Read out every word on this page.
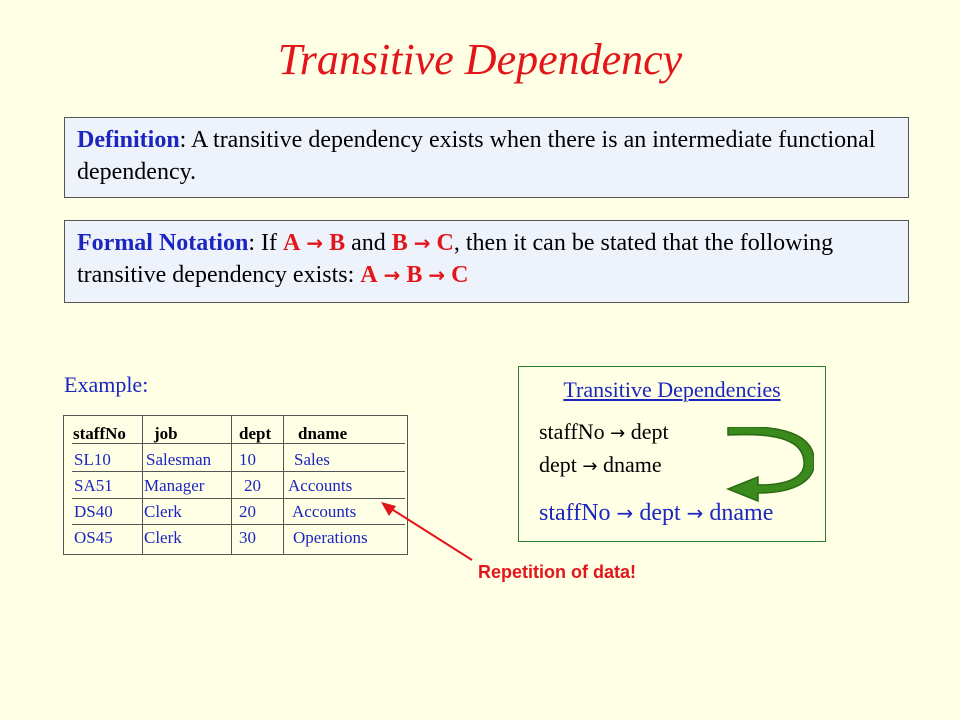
Transitive Dependency
Definition: A transitive dependency exists when there is an intermediate functional dependency.
Formal Notation: If A → B and B → C, then it can be stated that the following transitive dependency exists: A → B → C
Example:
staffNo job	dept dname
SL10 Salesman 10 Sales
SA51 Manager 20 Accounts
DS40 Clerk	20 Accounts
OS45 Clerk	30 Operations
Transitive Dependencies
staffNo → dept
dept → dname
staffNo → dept → dname
Repetition of data!
